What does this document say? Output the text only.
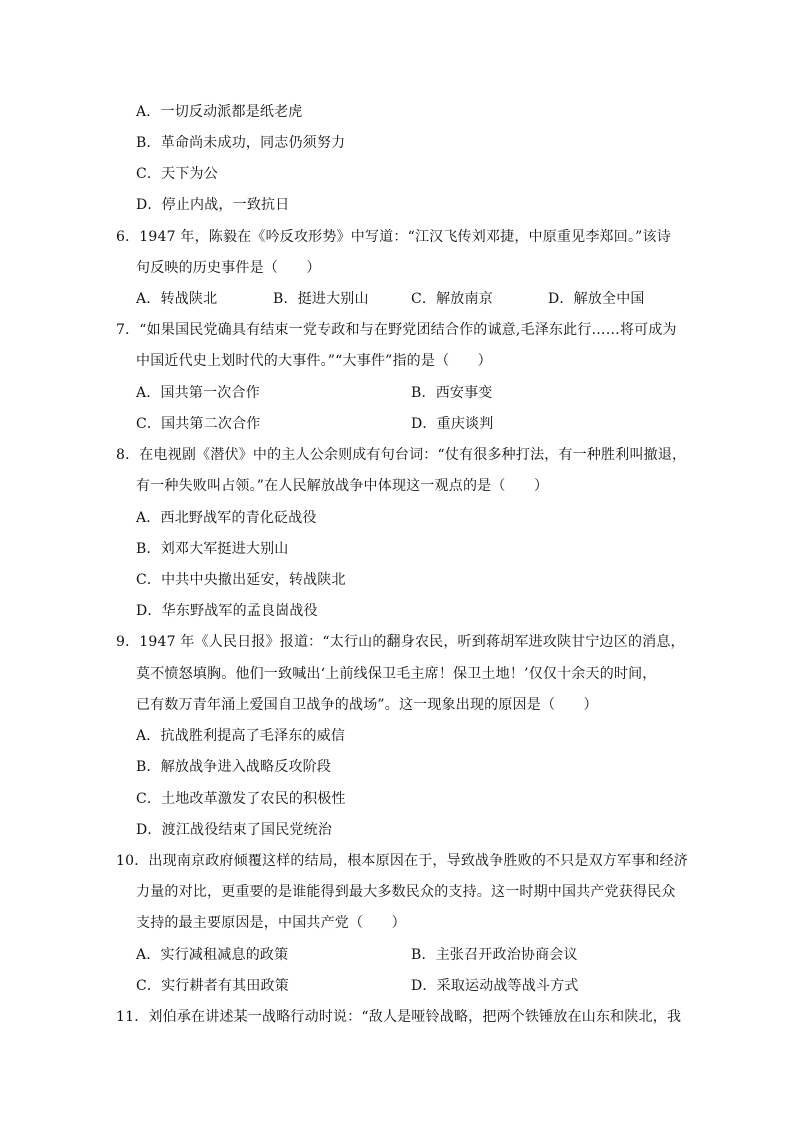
A．一切反动派都是纸老虎
B．革命尚未成功，同志仍须努力
C．天下为公
D．停止内战，一致抗日
6．1947 年，陈毅在《吟反攻形势》中写道：“江汉飞传刘邓捷，中原重见李郑回。”该诗
句反映的历史事件是（　　）
A．转战陕北	B．挺进大别山	C．解放南京	D．解放全中国
7．“如果国民党确具有结束一党专政和与在野党团结合作的诚意,毛泽东此行……将可成为
中国近代史上划时代的大事件。”“大事件”指的是（　　）
A．国共第一次合作	B．西安事变
C．国共第二次合作	D．重庆谈判
8．在电视剧《潜伏》中的主人公余则成有句台词：“仗有很多种打法，有一种胜利叫撤退，
有一种失败叫占领。”在人民解放战争中体现这一观点的是（　　）
A．西北野战军的青化砭战役
B．刘邓大军挺进大别山
C．中共中央撤出延安，转战陕北
D．华东野战军的孟良崮战役
9．1947 年《人民日报》报道：“太行山的翻身农民，听到蒋胡军进攻陕甘宁边区的消息，
莫不愤怒填胸。他们一致喊出‘上前线保卫毛主席！保卫土地！’仅仅十余天的时间，
已有数万青年涌上爱国自卫战争的战场”。这一现象出现的原因是（　　）
A．抗战胜利提高了毛泽东的威信
B．解放战争进入战略反攻阶段
C．土地改革激发了农民的积极性
D．渡江战役结束了国民党统治
10．出现南京政府倾覆这样的结局，根本原因在于，导致战争胜败的不只是双方军事和经济
力量的对比，更重要的是谁能得到最大多数民众的支持。这一时期中国共产党获得民众
支持的最主要原因是，中国共产党（　　）
A．实行减租减息的政策	B．主张召开政治协商会议
C．实行耕者有其田政策	D．采取运动战等战斗方式
11．刘伯承在讲述某一战略行动时说：“敌人是哑铃战略，把两个铁锤放在山东和陕北，我
